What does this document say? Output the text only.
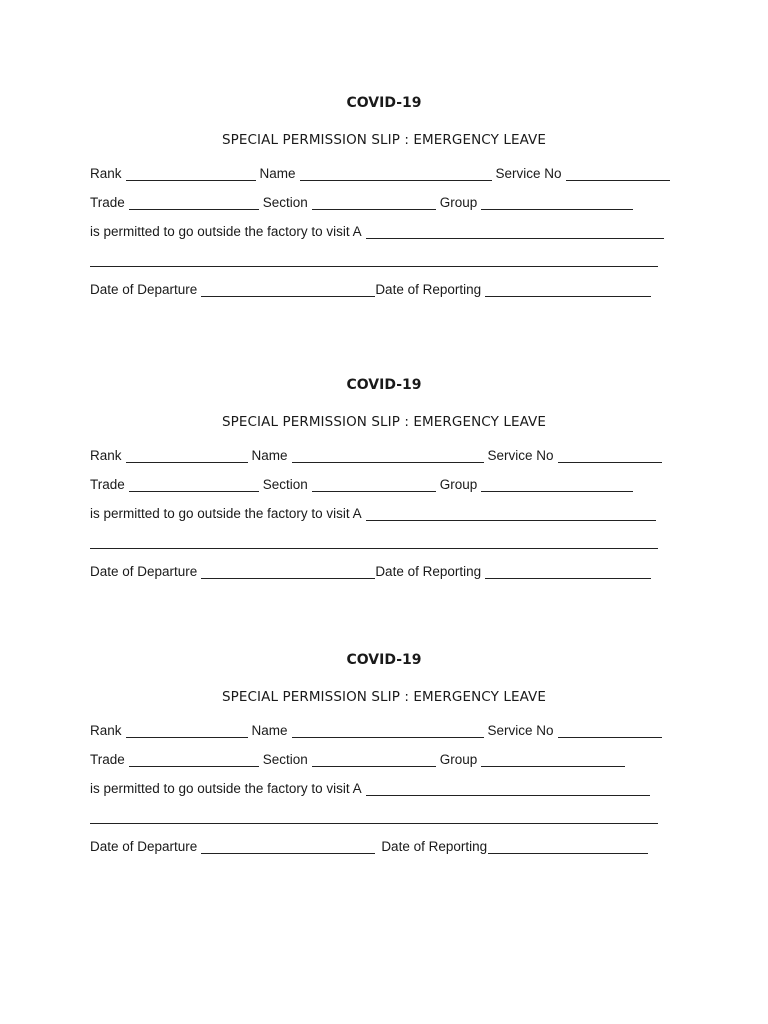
COVID-19
SPECIAL PERMISSION SLIP : EMERGENCY LEAVE
Rank	Name	Service No
Trade	Section	Group
is permitted to go outside the factory to visit A
Date of Departure	Date of Reporting
COVID-19
SPECIAL PERMISSION SLIP : EMERGENCY LEAVE
Rank	Name	Service No
Trade	Section	Group
is permitted to go outside the factory to visit A
Date of Departure	Date of Reporting
COVID-19
SPECIAL PERMISSION SLIP : EMERGENCY LEAVE
Rank	Name	Service No
Trade	Section	Group
is permitted to go outside the factory to visit A
Date of Departure	Date of Reporting
